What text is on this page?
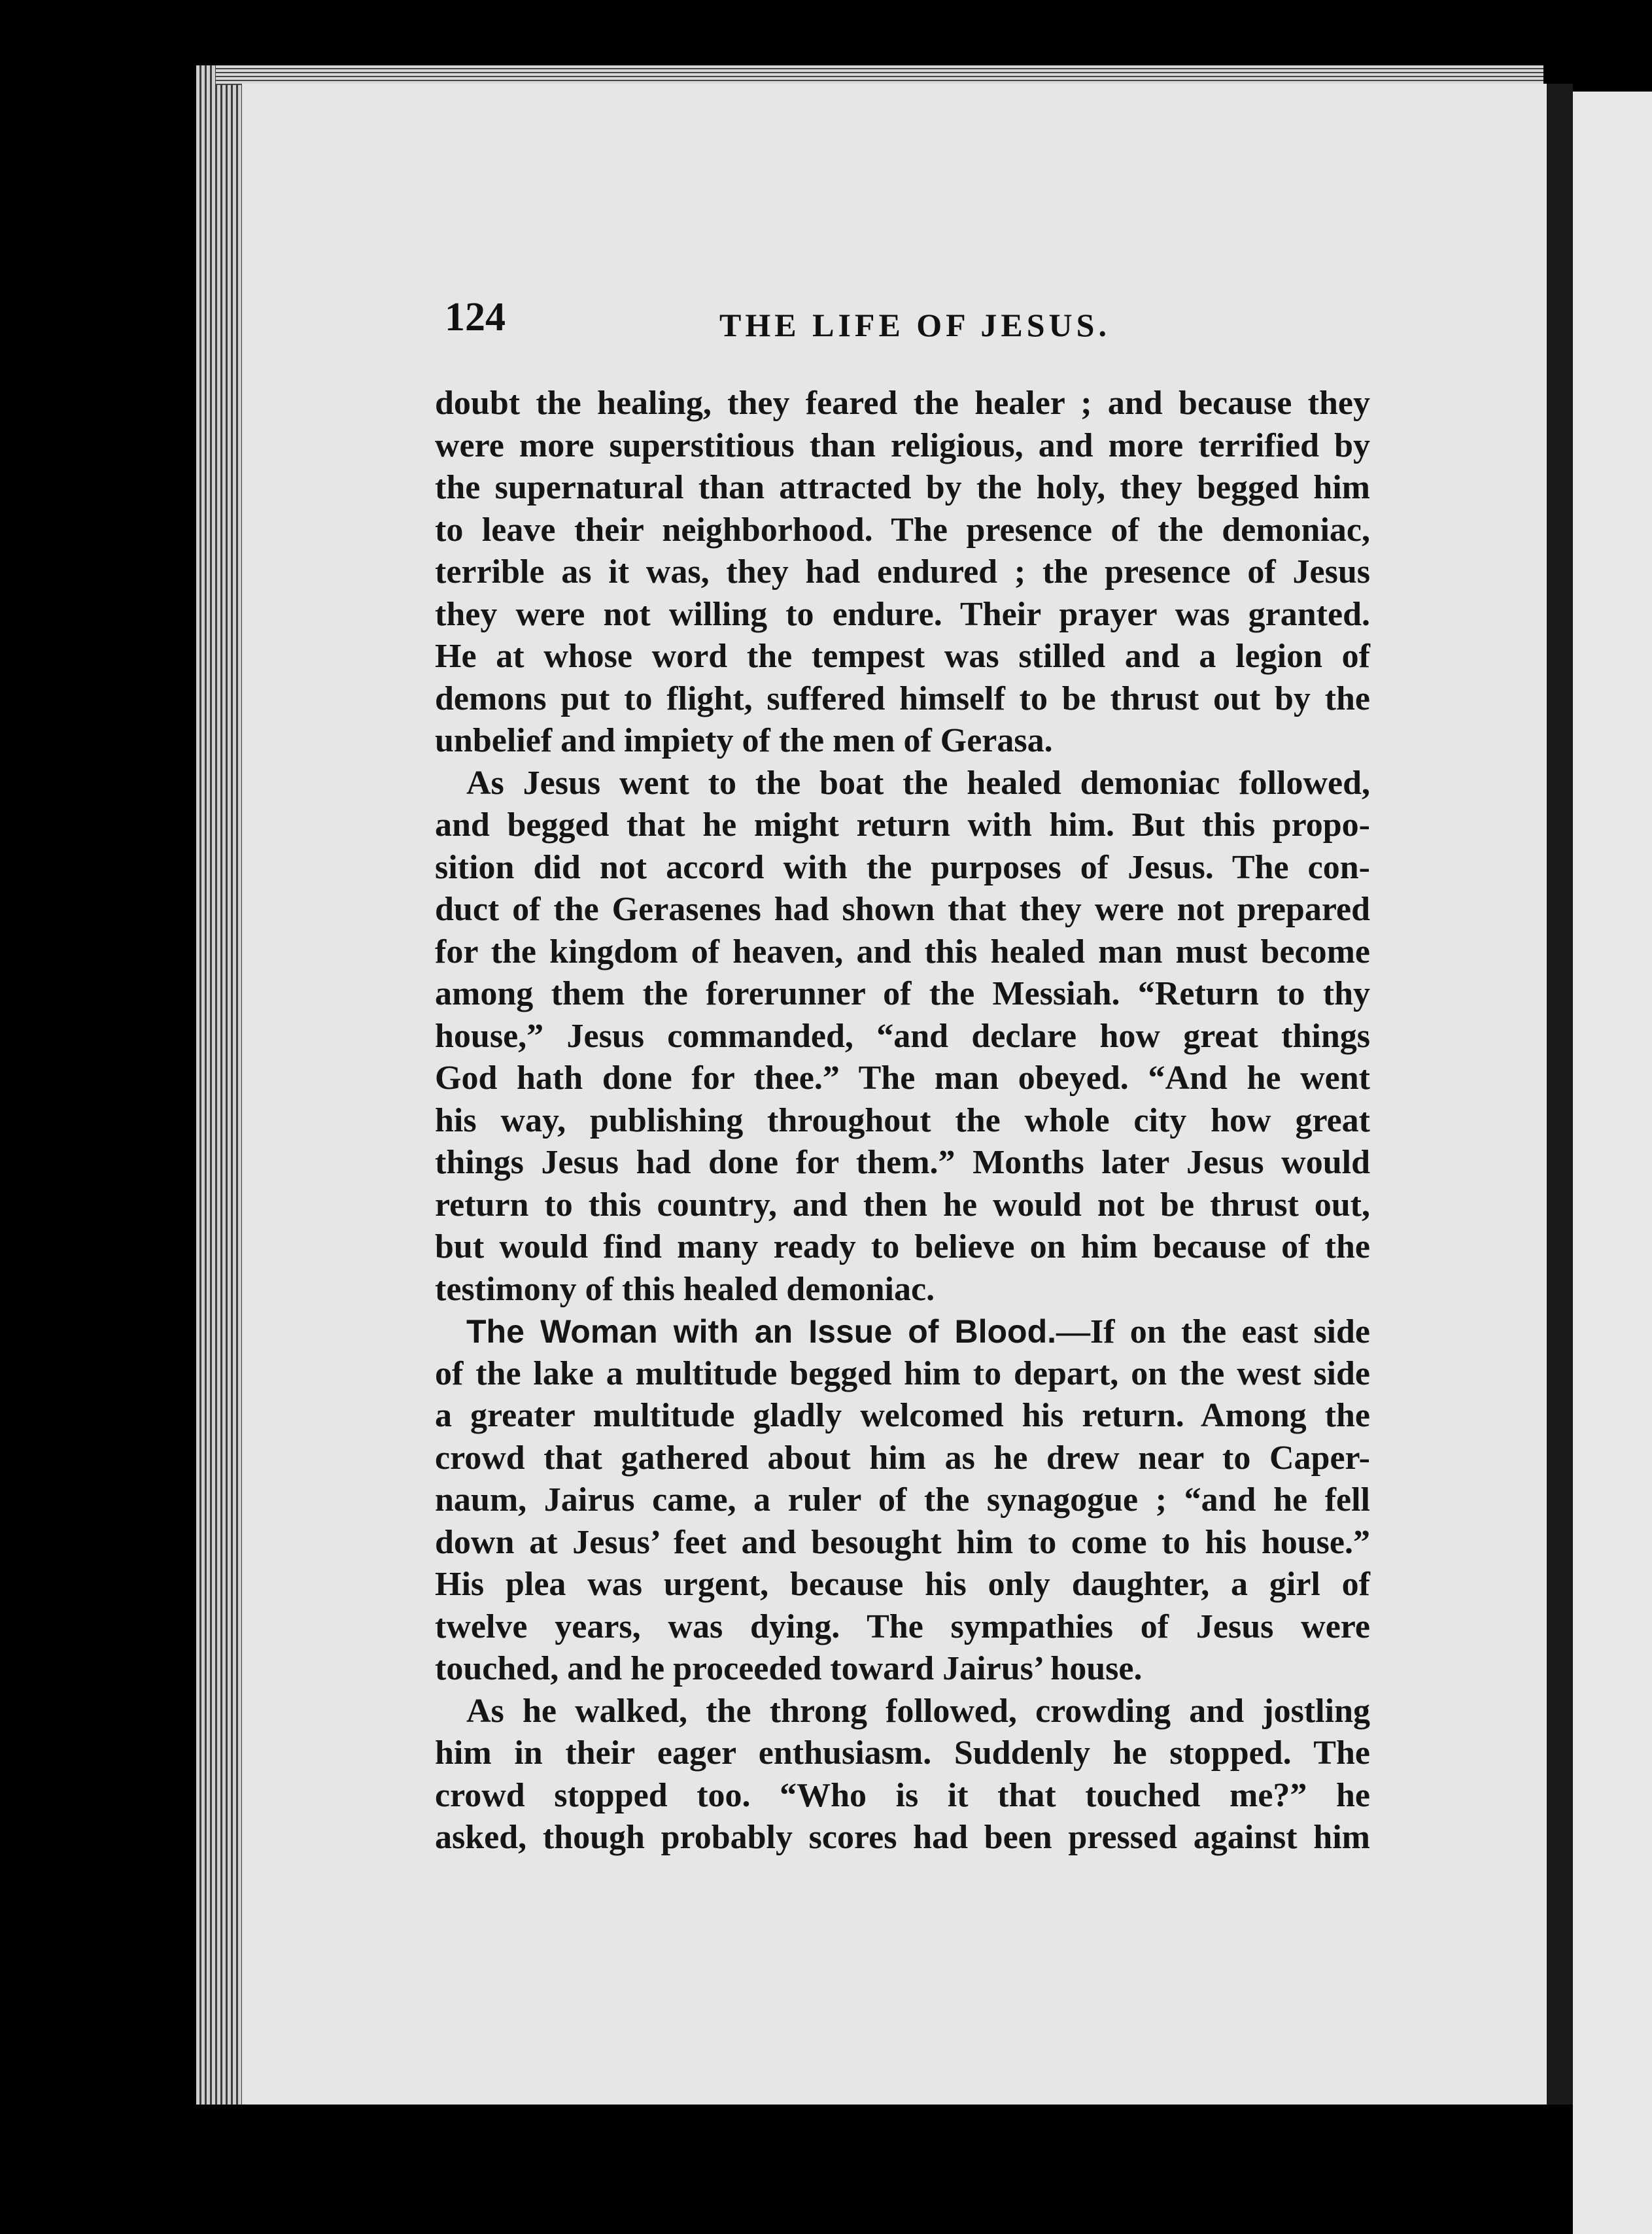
124	THE LIFE OF JESUS.
doubt the healing, they feared the healer ; and because they
were more superstitious than religious, and more terrified by
the supernatural than attracted by the holy, they begged him
to leave their neighborhood. The presence of the demoniac,
terrible as it was, they had endured ; the presence of Jesus
they were not willing to endure. Their prayer was granted.
He at whose word the tempest was stilled and a legion of
demons put to flight, suffered himself to be thrust out by the
unbelief and impiety of the men of Gerasa.
As Jesus went to the boat the healed demoniac followed,
and begged that he might return with him. But this propo-
sition did not accord with the purposes of Jesus. The con-
duct of the Gerasenes had shown that they were not prepared
for the kingdom of heaven, and this healed man must become
among them the forerunner of the Messiah. “Return to thy
house,” Jesus commanded, “and declare how great things
God hath done for thee.” The man obeyed. “And he went
his way, publishing throughout the whole city how great
things Jesus had done for them.” Months later Jesus would
return to this country, and then he would not be thrust out,
but would find many ready to believe on him because of the
testimony of this healed demoniac.
The Woman with an Issue of Blood.—If on the east side
of the lake a multitude begged him to depart, on the west side
a greater multitude gladly welcomed his return. Among the
crowd that gathered about him as he drew near to Caper-
naum, Jairus came, a ruler of the synagogue ; “and he fell
down at Jesus’ feet and besought him to come to his house.”
His plea was urgent, because his only daughter, a girl of
twelve years, was dying. The sympathies of Jesus were
touched, and he proceeded toward Jairus’ house.
As he walked, the throng followed, crowding and jostling
him in their eager enthusiasm. Suddenly he stopped. The
crowd stopped too. “Who is it that touched me?” he
asked, though probably scores had been pressed against him
